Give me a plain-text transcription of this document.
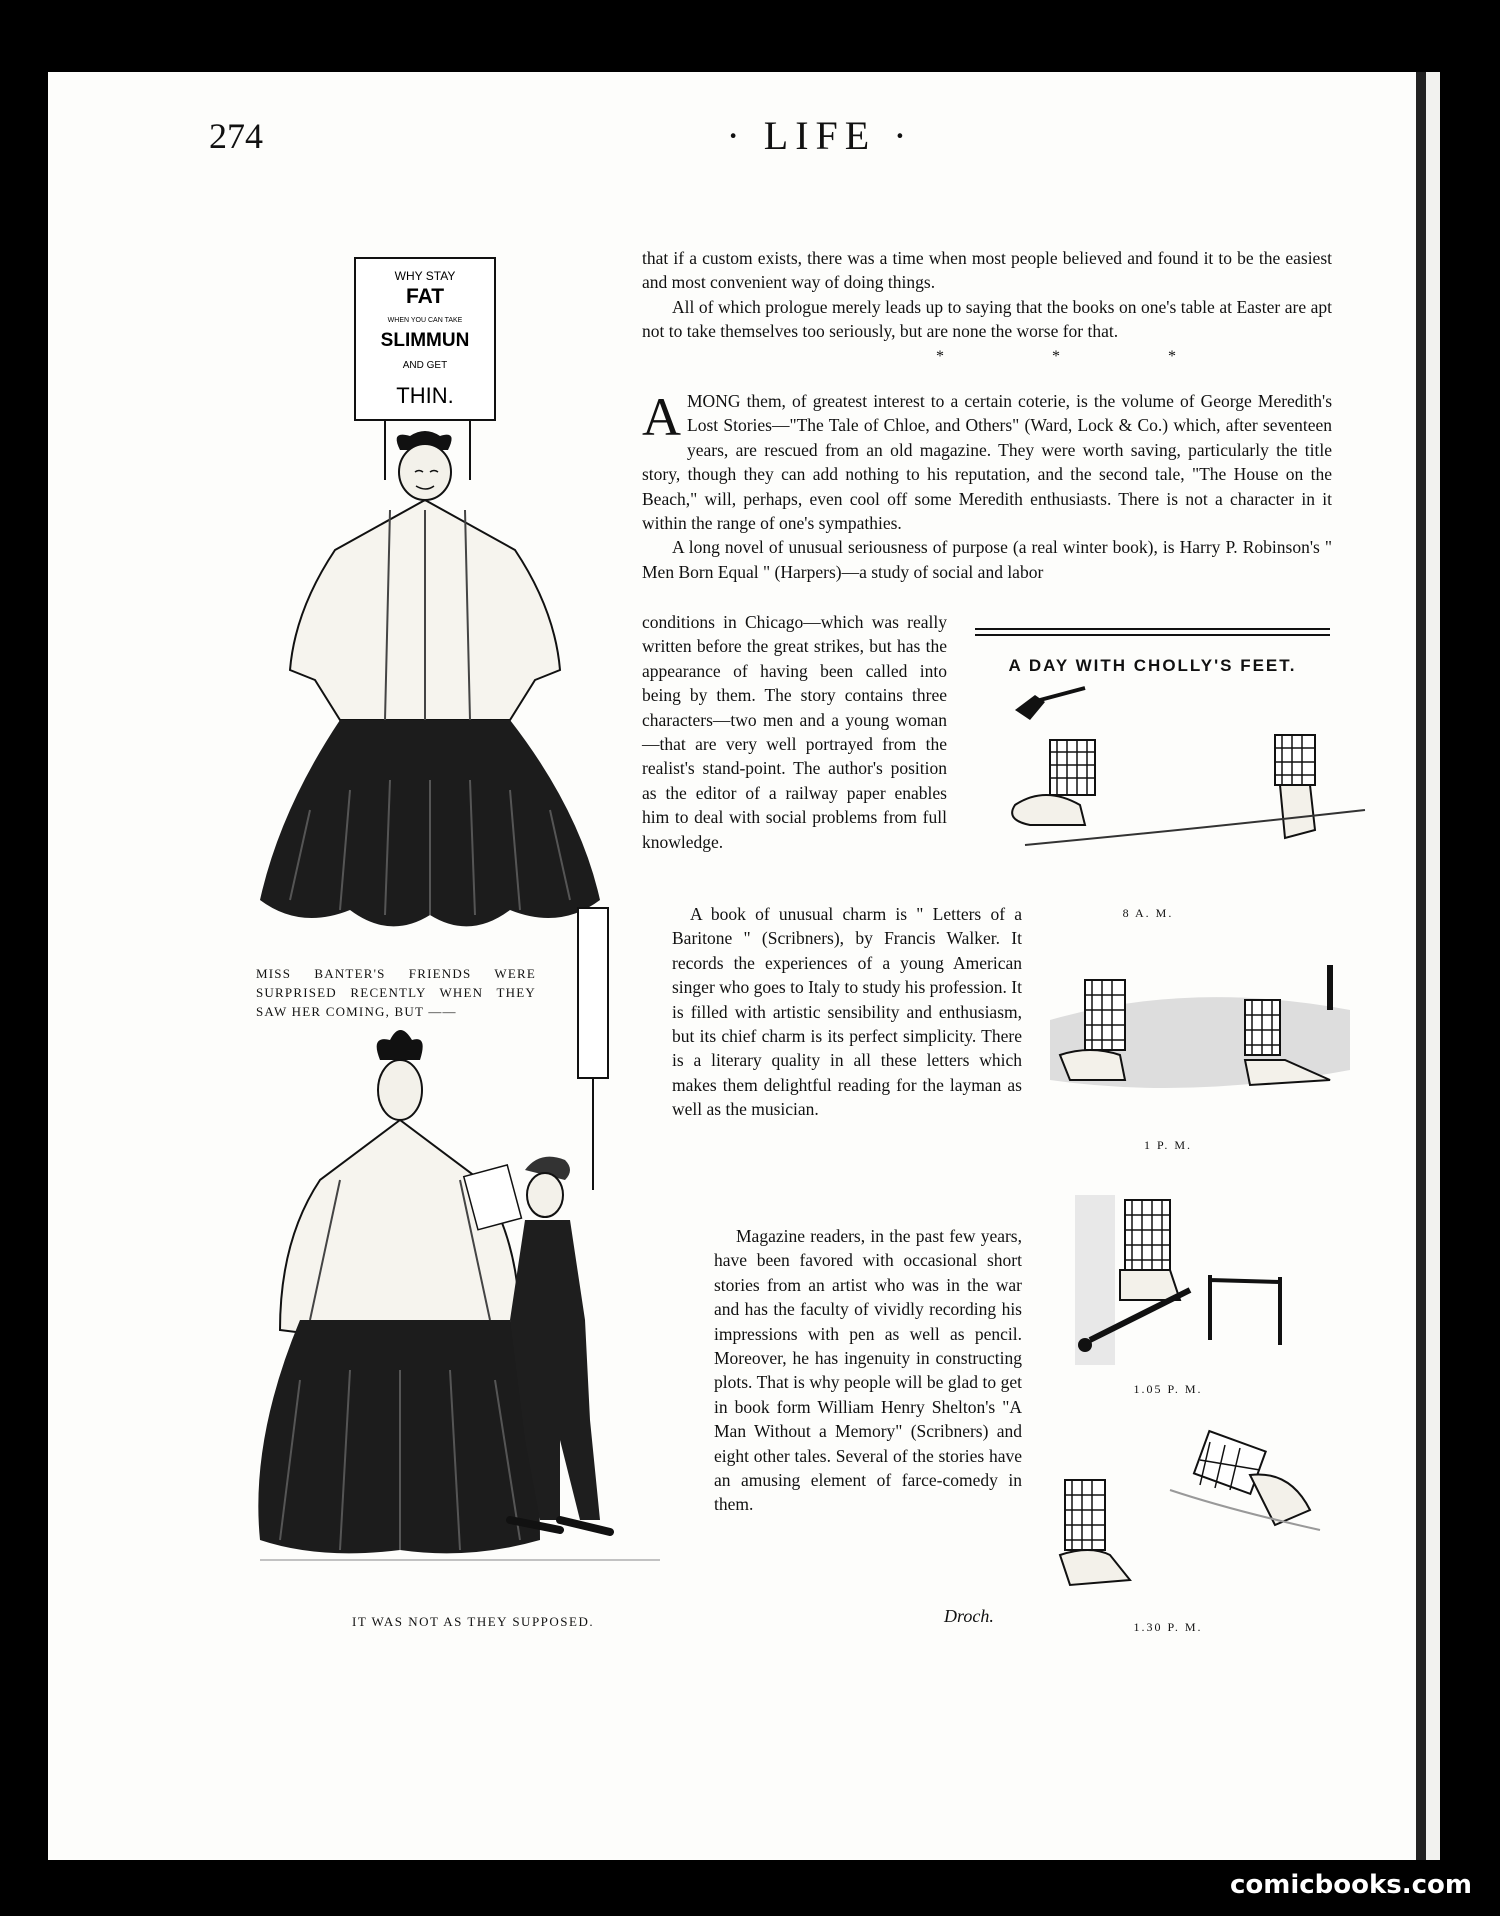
274	· LIFE ·
WHY STAY
FAT
WHEN YOU CAN TAKE
SLIMMUN
AND GET
THIN.
MISS BANTER'S FRIENDS WERE SURPRISED RECENTLY WHEN THEY SAW HER COMING, BUT ——
IT WAS NOT AS THEY SUPPOSED.

that if a custom exists, there was a time when most people believed and found it to be the easiest and most convenient way of doing things.

All of which prologue merely leads up to saying that the books on one's table at Easter are apt not to take themselves too seriously, but are none the worse for that.

* * *

AMONG them, of greatest interest to a certain coterie, is the volume of George Meredith's Lost Stories—"The Tale of Chloe, and Others" (Ward, Lock & Co.) which, after seventeen years, are rescued from an old magazine. They were worth saving, particularly the title story, though they can add nothing to his reputation, and the second tale, "The House on the Beach," will, perhaps, even cool off some Meredith enthusiasts. There is not a character in it within the range of one's sympathies.

A long novel of unusual seriousness of purpose (a real winter book), is Harry P. Robinson's " Men Born Equal " (Harpers)—a study of social and labor

conditions in Chicago—which was really written before the great strikes, but has the appearance of having been called into being by them. The story contains three characters—two men and a young woman—that are very well portrayed from the realist's stand-point. The author's position as the editor of a railway paper enables him to deal with social problems from full knowledge.
A book of unusual charm is " Letters of a Baritone " (Scribners), by Francis Walker. It records the experiences of a young American singer who goes to Italy to study his profession. It is filled with artistic sensibility and enthusiasm, but its chief charm is its perfect simplicity. There is a literary quality in all these letters which makes them delightful reading for the layman as well as the musician.
Magazine readers, in the past few years, have been favored with occasional short stories from an artist who was in the war and has the faculty of vividly recording his impressions with pen as well as pencil. Moreover, he has ingenuity in constructing plots. That is why people will be glad to get in book form William Henry Shelton's "A Man Without a Memory" (Scribners) and eight other tales. Several of the stories have an amusing element of farce-comedy in them.
Droch.
A DAY WITH CHOLLY'S FEET.
8 A. M.
1 P. M.
1.05 P. M.
1.30 P. M.
comicbooks.com
